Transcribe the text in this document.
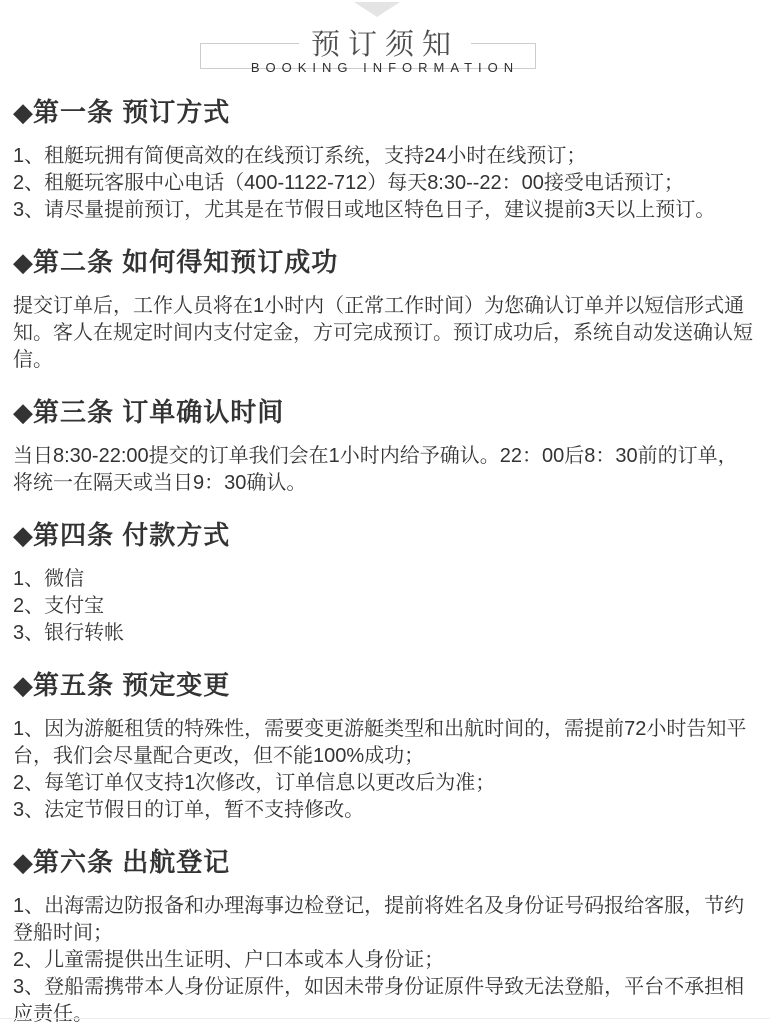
预订须知
BOOKING INFORMATION
◆第一条 预订方式
1、租艇玩拥有简便高效的在线预订系统，支持24小时在线预订；
2、租艇玩客服中心电话（400-1122-712）每天8:30--22：00接受电话预订；
3、请尽量提前预订，尤其是在节假日或地区特色日子，建议提前3天以上预订。
◆第二条 如何得知预订成功

提交订单后，工作人员将在1小时内（正常工作时间）为您确认订单并以短信形式通知。客人在规定时间内支付定金，方可完成预订。预订成功后，系统自动发送确认短信。

◆第三条 订单确认时间

当日8:30-22:00提交的订单我们会在1小时内给予确认。22：00后8：30前的订单，将统一在隔天或当日9：30确认。

◆第四条 付款方式
1、微信
2、支付宝
3、银行转帐
◆第五条 预定变更
1、因为游艇租赁的特殊性，需要变更游艇类型和出航时间的，需提前72小时告知平台，我们会尽量配合更改，但不能100%成功；
2、每笔订单仅支持1次修改，订单信息以更改后为准；
3、法定节假日的订单，暂不支持修改。
◆第六条 出航登记
1、出海需边防报备和办理海事边检登记，提前将姓名及身份证号码报给客服，节约登船时间；
2、儿童需提供出生证明、户口本或本人身份证；
3、登船需携带本人身份证原件，如因未带身份证原件导致无法登船，平台不承担相应责任。
